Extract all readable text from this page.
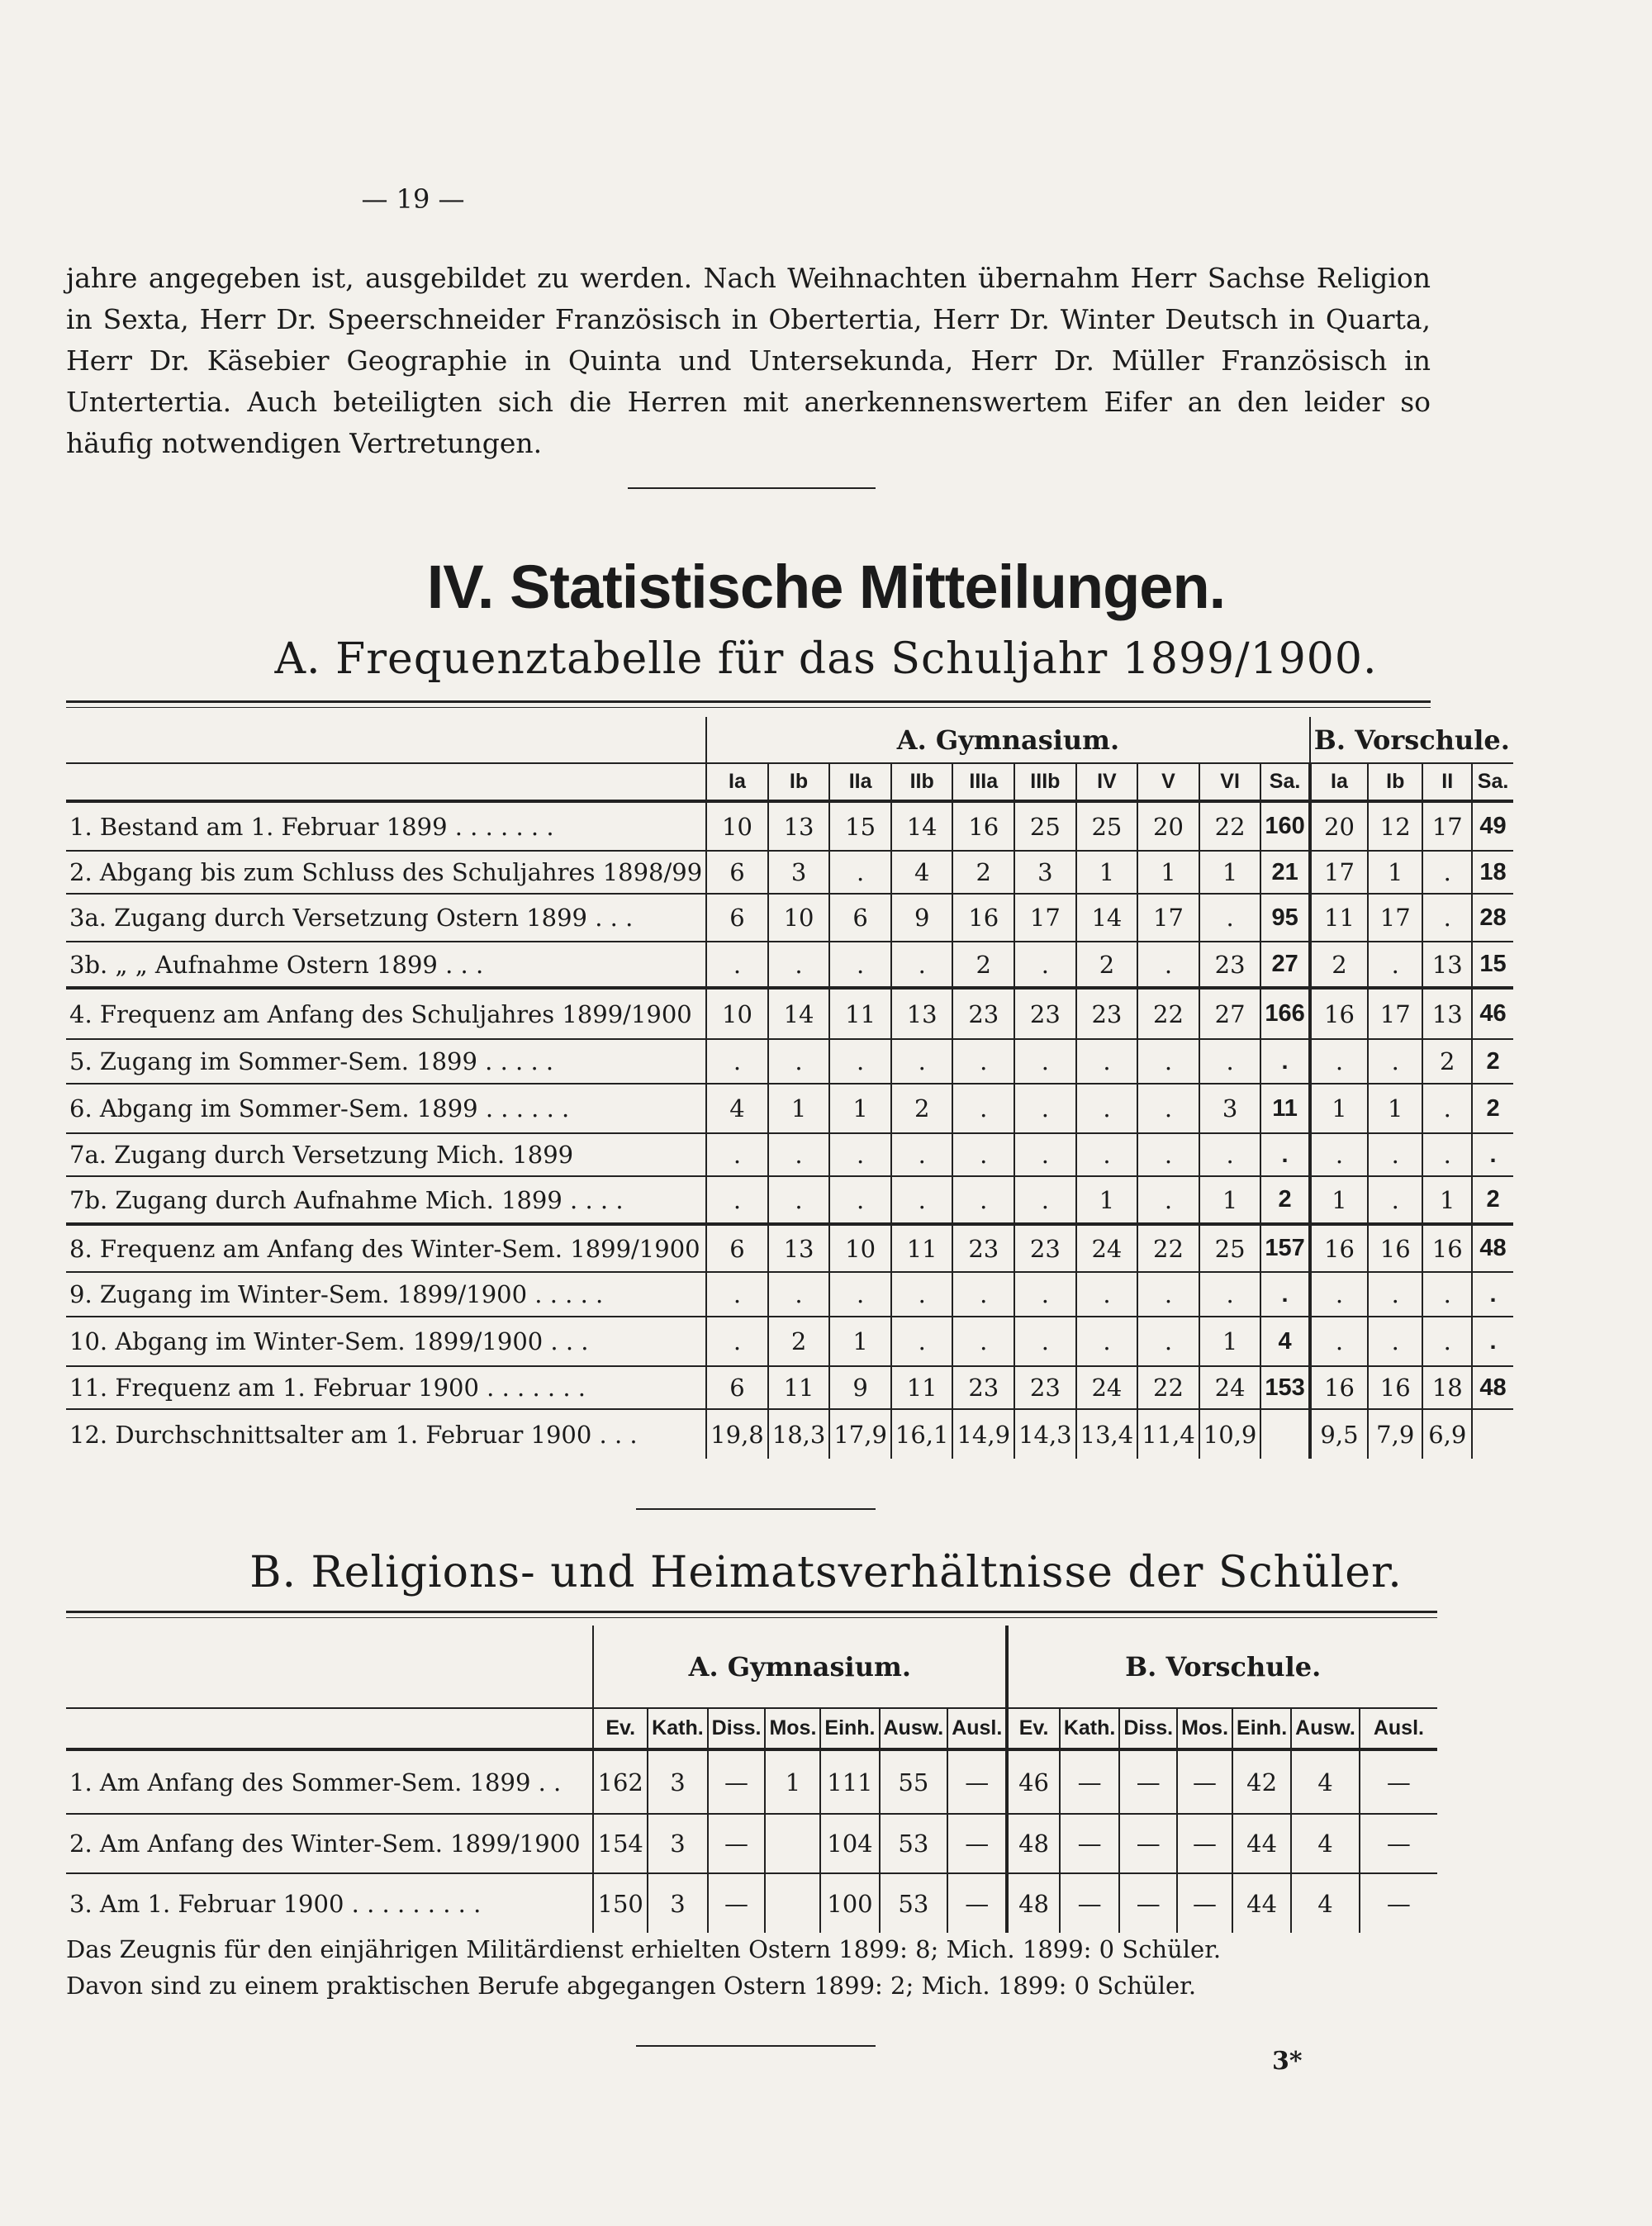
— 19 —

jahre angegeben ist, ausgebildet zu werden. Nach Weihnachten übernahm Herr Sachse Religion in Sexta, Herr Dr. Speerschneider Französisch in Obertertia, Herr Dr. Winter Deutsch in Quarta, Herr Dr. Käsebier Geographie in Quinta und Untersekunda, Herr Dr. Müller Französisch in Untertertia. Auch beteiligten sich die Herren mit anerkennenswertem Eifer an den leider so häufig notwendigen Vertretungen.

IV. Statistische Mitteilungen.
A. Frequenztabelle für das Schuljahr 1899/1900.
	A. Gymnasium.										B. Vorschule.			
	Ia	Ib	IIa	IIb	IIIa	IIIb	IV	V	VI	Sa.	Ia	Ib	II	Sa.
1. Bestand am 1. Februar 1899 . . . . . . .	10	13	15	14	16	25	25	20	22	160	20	12	17	49
2. Abgang bis zum Schluss des Schuljahres 1898/99	6	3	.	4	2	3	1	1	1	21	17	1	.	18
3a. Zugang durch Versetzung Ostern 1899 . . .	6	10	6	9	16	17	14	17	.	95	11	17	.	28
3b. „ „ Aufnahme Ostern 1899 . . .	.	.	.	.	2	.	2	.	23	27	2	.	13	15
4. Frequenz am Anfang des Schuljahres 1899/1900	10	14	11	13	23	23	23	22	27	166	16	17	13	46
5. Zugang im Sommer-Sem. 1899 . . . . .	.	.	.	.	.	.	.	.	.	.	.	.	2	2
6. Abgang im Sommer-Sem. 1899 . . . . . .	4	1	1	2	.	.	.	.	3	11	1	1	.	2
7a. Zugang durch Versetzung Mich. 1899	.	.	.	.	.	.	.	.	.	.	.	.	.	.
7b. Zugang durch Aufnahme Mich. 1899 . . . .	.	.	.	.	.	.	1	.	1	2	1	.	1	2
8. Frequenz am Anfang des Winter-Sem. 1899/1900	6	13	10	11	23	23	24	22	25	157	16	16	16	48
9. Zugang im Winter-Sem. 1899/1900 . . . . .	.	.	.	.	.	.	.	.	.	.	.	.	.	.
10. Abgang im Winter-Sem. 1899/1900 . . .	.	2	1	.	.	.	.	.	1	4	.	.	.	.
11. Frequenz am 1. Februar 1900 . . . . . . .	6	11	9	11	23	23	24	22	24	153	16	16	18	48
12. Durchschnittsalter am 1. Februar 1900 . . .	19,8	18,3	17,9	16,1	14,9	14,3	13,4	11,4	10,9		9,5	7,9	6,9	
B. Religions- und Heimatsverhältnisse der Schüler.
	A. Gymnasium.							B. Vorschule.						
	Ev.	Kath.	Diss.	Mos.	Einh.	Ausw.	Ausl.	Ev.	Kath.	Diss.	Mos.	Einh.	Ausw.	Ausl.
1. Am Anfang des Sommer-Sem. 1899 . .	162	3	—	1	111	55	—	46	—	—	—	42	4	—
2. Am Anfang des Winter-Sem. 1899/1900	154	3	—		104	53	—	48	—	—	—	44	4	—
3. Am 1. Februar 1900 . . . . . . . . .	150	3	—		100	53	—	48	—	—	—	44	4	—
Das Zeugnis für den einjährigen Militärdienst erhielten Ostern 1899: 8; Mich. 1899: 0 Schüler.
Davon sind zu einem praktischen Berufe abgegangen Ostern 1899: 2; Mich. 1899: 0 Schüler.
3*
